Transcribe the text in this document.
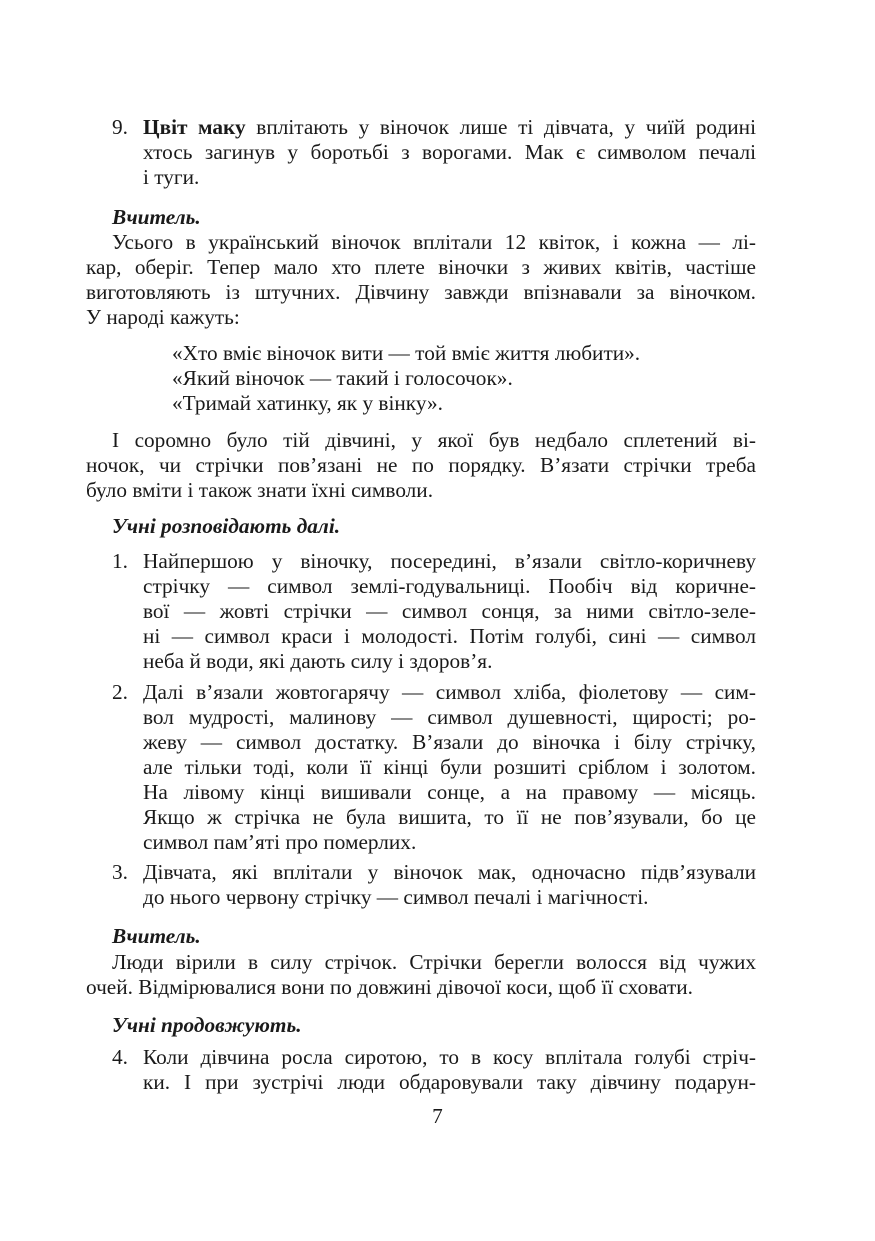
9. Цвіт маку вплітають у віночок лише ті дівчата, у чиїй родині
хтось загинув у боротьбі з ворогами. Мак є символом печалі
і туги.
Вчитель.
Усього в український віночок вплітали 12 квіток, і кожна — лі-
кар, оберіг. Тепер мало хто плете віночки з живих квітів, частіше
виготовляють із штучних. Дівчину завжди впізнавали за віночком.
У народі кажуть:
«Хто вміє віночок вити — той вміє життя любити».
«Який віночок — такий і голосочок».
«Тримай хатинку, як у вінку».
І соромно було тій дівчині, у якої був недбало сплетений ві-
ночок, чи стрічки пов’язані не по порядку. В’язати стрічки треба
було вміти і також знати їхні символи.
Учні розповідають далі.
1. Найпершою у віночку, посередині, в’язали світло-коричневу
стрічку — символ землі-годувальниці. Пообіч від коричне-
вої — жовті стрічки — символ сонця, за ними світло-зеле-
ні — символ краси і молодості. Потім голубі, сині — символ
неба й води, які дають силу і здоров’я.
2. Далі в’язали жовтогарячу — символ хліба, фіолетову — сим-
вол мудрості, малинову — символ душевності, щирості; ро-
жеву — символ достатку. В’язали до віночка і білу стрічку,
але тільки тоді, коли її кінці були розшиті сріблом і золотом.
На лівому кінці вишивали сонце, а на правому — місяць.
Якщо ж стрічка не була вишита, то її не пов’язували, бо це
символ пам’яті про померлих.
3. Дівчата, які вплітали у віночок мак, одночасно підв’язували
до нього червону стрічку — символ печалі і магічності.
Вчитель.
Люди вірили в силу стрічок. Стрічки берегли волосся від чужих
очей. Відмірювалися вони по довжині дівочої коси, щоб її сховати.
Учні продовжують.
4. Коли дівчина росла сиротою, то в косу вплітала голубі стріч-
ки. І при зустрічі люди обдаровували таку дівчину подарун-
7
